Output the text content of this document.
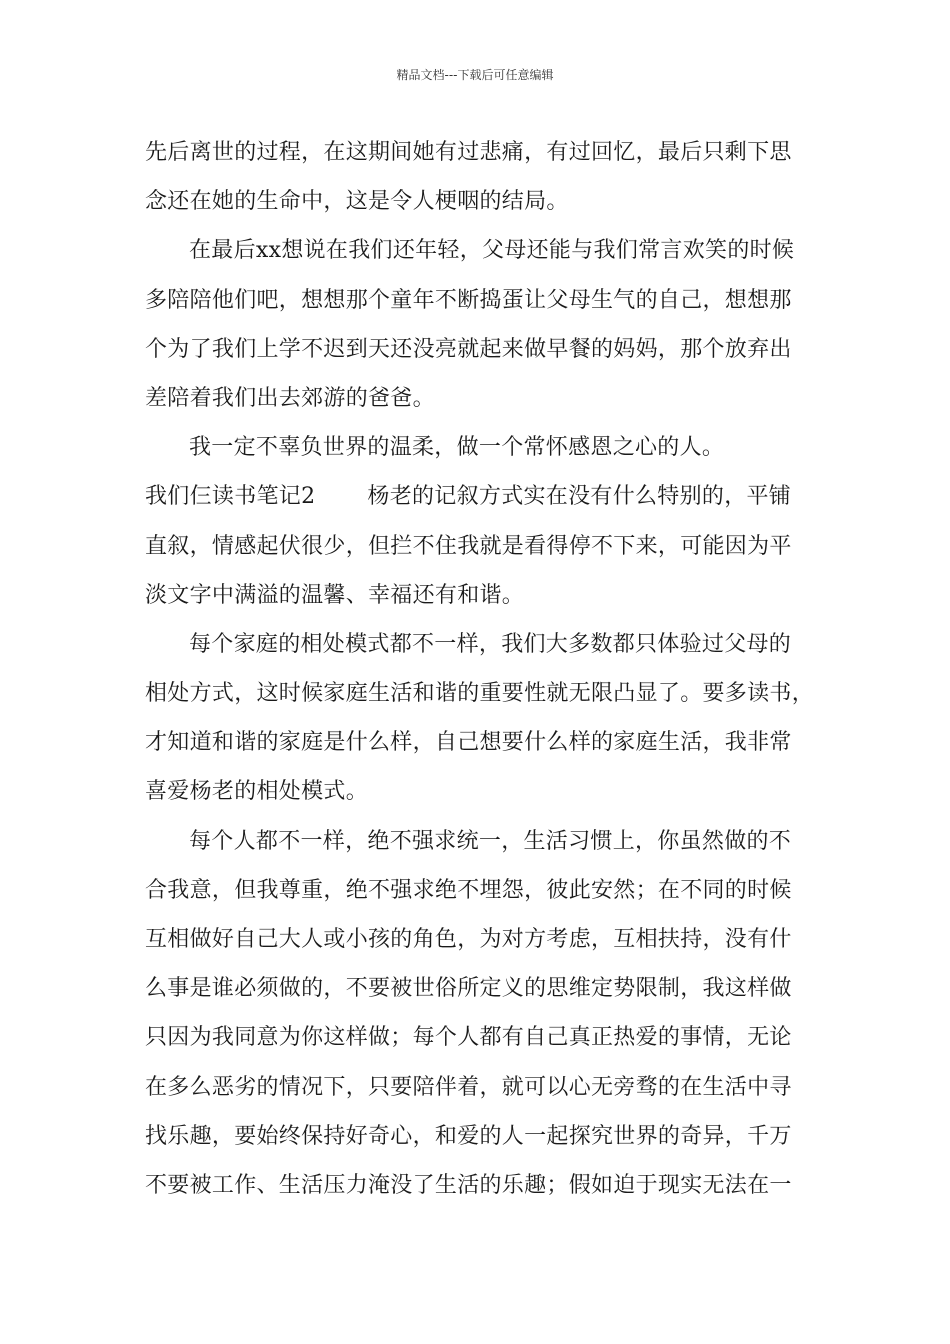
精品文档---下载后可任意编辑
先后离世的过程，在这期间她有过悲痛，有过回忆，最后只剩下思
念还在她的生命中，这是令人梗咽的结局。
在最后xx想说在我们还年轻，父母还能与我们常言欢笑的时候
多陪陪他们吧，想想那个童年不断捣蛋让父母生气的自己，想想那
个为了我们上学不迟到天还没亮就起来做早餐的妈妈，那个放弃出
差陪着我们出去郊游的爸爸。
我一定不辜负世界的温柔，做一个常怀感恩之心的人。
我们仨读书笔记2 杨老的记叙方式实在没有什么特别的，平铺
直叙，情感起伏很少，但拦不住我就是看得停不下来，可能因为平
淡文字中满溢的温馨、幸福还有和谐。
每个家庭的相处模式都不一样，我们大多数都只体验过父母的
相处方式，这时候家庭生活和谐的重要性就无限凸显了。要多读书，
才知道和谐的家庭是什么样，自己想要什么样的家庭生活，我非常
喜爱杨老的相处模式。
每个人都不一样，绝不强求统一，生活习惯上，你虽然做的不
合我意，但我尊重，绝不强求绝不埋怨，彼此安然；在不同的时候
互相做好自己大人或小孩的角色，为对方考虑，互相扶持，没有什
么事是谁必须做的，不要被世俗所定义的思维定势限制，我这样做
只因为我同意为你这样做；每个人都有自己真正热爱的事情，无论
在多么恶劣的情况下，只要陪伴着，就可以心无旁骛的在生活中寻
找乐趣，要始终保持好奇心，和爱的人一起探究世界的奇异，千万
不要被工作、生活压力淹没了生活的乐趣；假如迫于现实无法在一
